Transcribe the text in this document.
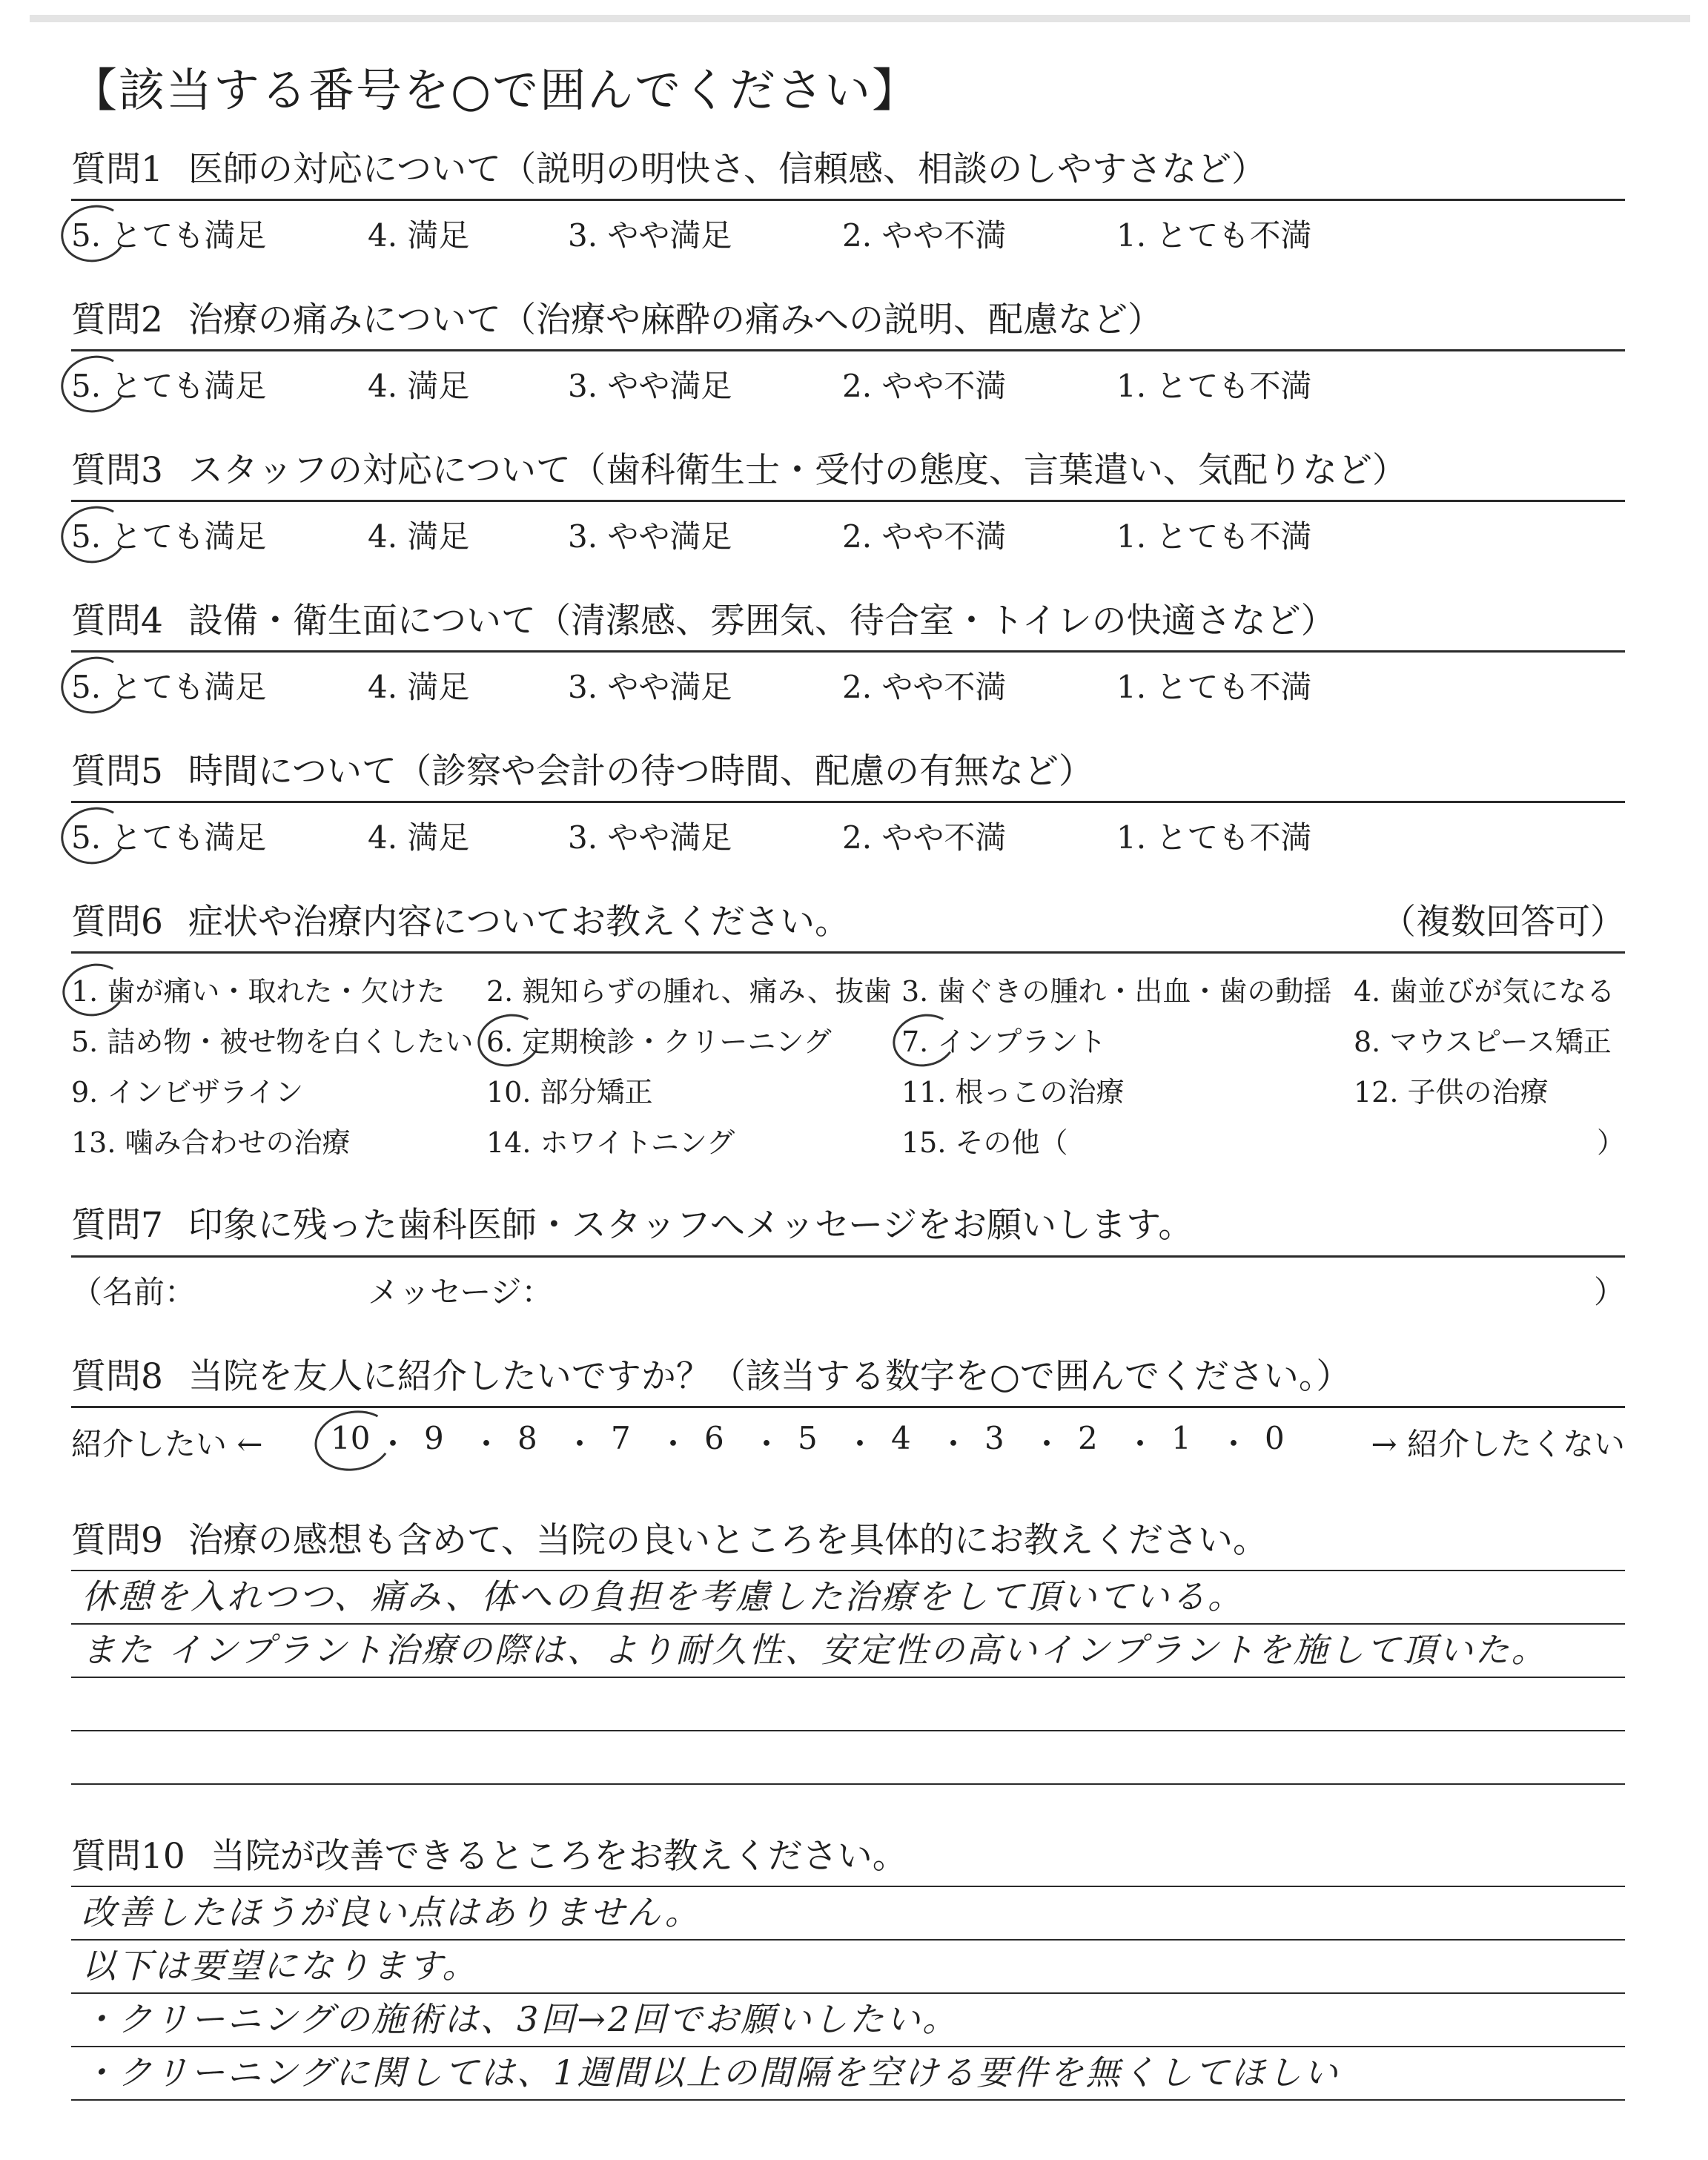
【該当する番号を○で囲んでください】
質問1 医師の対応について（説明の明快さ、信頼感、相談のしやすさなど）
5. とても満足	4. 満足	3. やや満足	2. やや不満	1. とても不満
質問2 治療の痛みについて（治療や麻酔の痛みへの説明、配慮など）
5. とても満足	4. 満足	3. やや満足	2. やや不満	1. とても不満
質問3 スタッフの対応について（歯科衛生士・受付の態度、言葉遣い、気配りなど）
5. とても満足	4. 満足	3. やや満足	2. やや不満	1. とても不満
質問4 設備・衛生面について（清潔感、雰囲気、待合室・トイレの快適さなど）
5. とても満足	4. 満足	3. やや満足	2. やや不満	1. とても不満
質問5 時間について（診察や会計の待つ時間、配慮の有無など）
5. とても満足	4. 満足	3. やや満足	2. やや不満	1. とても不満
質問6 症状や治療内容についてお教えください。	（複数回答可）
1. 歯が痛い・取れた・欠けた 2. 親知らずの腫れ、痛み、抜歯 3. 歯ぐきの腫れ・出血・歯の動揺 4. 歯並びが気になる
5. 詰め物・被せ物を白くしたい 6. 定期検診・クリーニング 7. インプラント	8. マウスピース矯正
9. インビザライン	10. 部分矯正	11. 根っこの治療	12. 子供の治療
13. 噛み合わせの治療	14. ホワイトニング	15. その他（	）
質問7 印象に残った歯科医師・スタッフへメッセージをお願いします。
（名前：	メッセージ：	）
質問8 当院を友人に紹介したいですか？（該当する数字を○で囲んでください。）
紹介したい ←	→ 紹介したくない
10 ・ 9 ・ 8 ・ 7 ・ 6 ・ 5 ・ 4 ・ 3 ・ 2 ・ 1 ・ 0
質問9 治療の感想も含めて、当院の良いところを具体的にお教えください。
休憩を入れつつ、痛み、体への負担を考慮した治療をして頂いている。
また インプラント治療の際は、より耐久性、安定性の高いインプラントを施して頂いた。
質問10 当院が改善できるところをお教えください。
改善したほうが良い点はありません。
以下は要望になります。
・クリーニングの施術は、3回→2回でお願いしたい。
・クリーニングに関しては、1週間以上の間隔を空ける要件を無くしてほしい
